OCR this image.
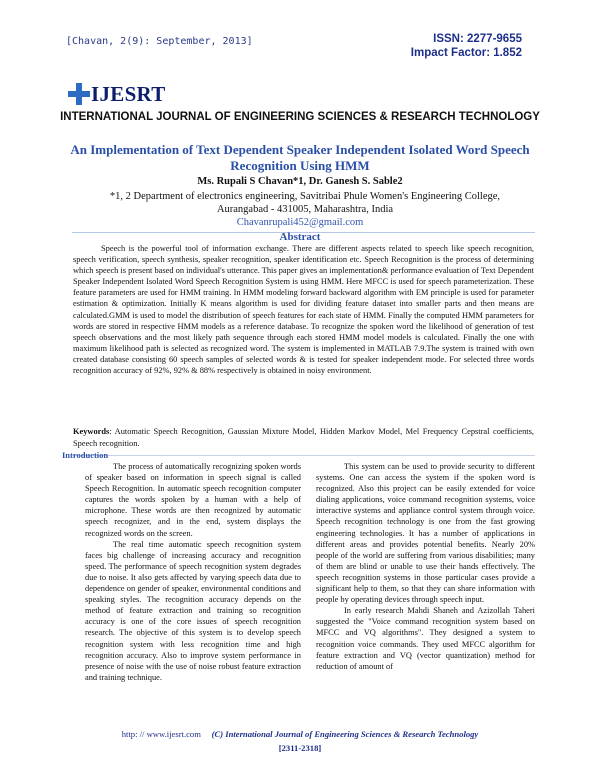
[Chavan, 2(9): September, 2013]	ISSN: 2277-9655
Impact Factor: 1.852
IJESRT
INTERNATIONAL JOURNAL OF ENGINEERING SCIENCES & RESEARCH TECHNOLOGY
An Implementation of Text Dependent Speaker Independent Isolated Word Speech Recognition Using HMM
Ms. Rupali S Chavan*1, Dr. Ganesh S. Sable2
*1, 2 Department of electronics engineering, Savitribai Phule Women's Engineering College, Aurangabad - 431005, Maharashtra, India
Chavanrupali452@gmail.com
Abstract
Speech is the powerful tool of information exchange. There are different aspects related to speech like speech recognition, speech verification, speech synthesis, speaker recognition, speaker identification etc. Speech Recognition is the process of determining which speech is present based on individual's utterance. This paper gives an implementation& performance evaluation of Text Dependent Speaker Independent Isolated Word Speech Recognition System is using HMM. Here MFCC is used for speech parameterization. These feature parameters are used for HMM training. In HMM modeling forward backward algorithm with EM principle is used for parameter estimation & optimization. Initially K means algorithm is used for dividing feature dataset into smaller parts and then means are calculated.GMM is used to model the distribution of speech features for each state of HMM. Finally the computed HMM parameters for words are stored in respective HMM models as a reference database. To recognize the spoken word the likelihood of generation of test speech observations and the most likely path sequence through each stored HMM model models is calculated. Finally the one with maximum likelihood path is selected as recognized word. The system is implemented in MATLAB 7.9.The system is trained with own created database consisting 60 speech samples of selected words & is tested for speaker independent mode. For selected three words recognition accuracy of 92%, 92% & 88% respectively is obtained in noisy environment.
Keywords: Automatic Speech Recognition, Gaussian Mixture Model, Hidden Markov Model, Mel Frequency Cepstral coefficients, Speech recognition.
Introduction

The process of automatically recognizing spoken words of speaker based on information in speech signal is called Speech Recognition. In automatic speech recognition computer captures the words spoken by a human with a help of microphone. These words are then recognized by automatic speech recognizer, and in the end, system displays the recognized words on the screen.

The real time automatic speech recognition system faces big challenge of increasing accuracy and recognition speed. The performance of speech recognition system degrades due to noise. It also gets affected by varying speech data due to dependence on gender of speaker, environmental conditions and speaking styles. The recognition accuracy depends on the method of feature extraction and training so recognition accuracy is one of the core issues of speech recognition research. The objective of this system is to develop speech recognition system with less recognition time and high recognition accuracy. Also to improve system performance in presence of noise with the use of noise robust feature extraction and training technique.

This system can be used to provide security to different systems. One can access the system if the spoken word is recognized. Also this project can be easily extended for voice dialing applications, voice command recognition systems, voice interactive systems and appliance control system through voice. Speech recognition technology is one from the fast growing engineering technologies. It has a number of applications in different areas and provides potential benefits. Nearly 20% people of the world are suffering from various disabilities; many of them are blind or unable to use their hands effectively. The speech recognition systems in those particular cases provide a significant help to them, so that they can share information with people by operating devices through speech input.

In early research Mahdi Shaneh and Azizollah Taheri suggested the "Voice command recognition system based on MFCC and VQ algorithms". They designed a system to recognition voice commands. They used MFCC algorithm for feature extraction and VQ (vector quantization) method for reduction of amount of

http: // www.ijesrt.com (C) International Journal of Engineering Sciences & Research Technology
[2311-2318]
